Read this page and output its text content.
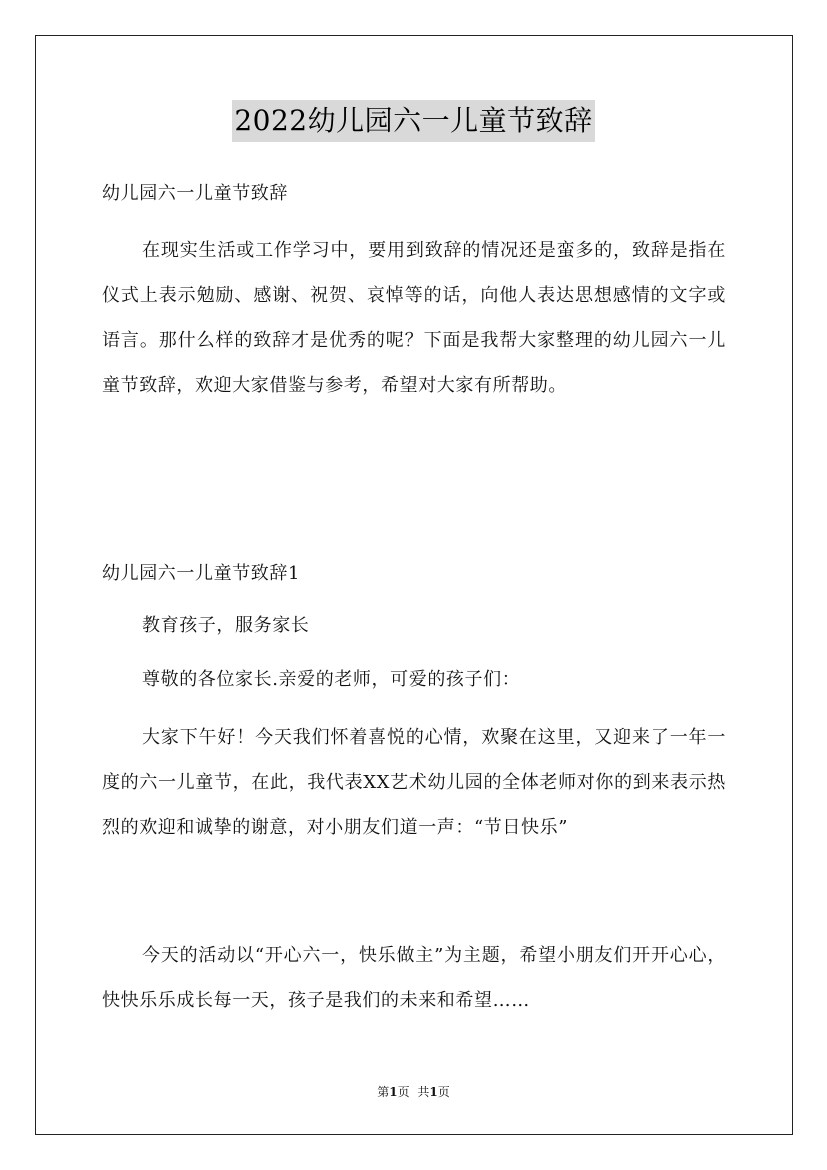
2022幼儿园六一儿童节致辞
幼儿园六一儿童节致辞

在现实生活或工作学习中，要用到致辞的情况还是蛮多的，致辞是指在仪式上表示勉励、感谢、祝贺、哀悼等的话，向他人表达思想感情的文字或语言。那什么样的致辞才是优秀的呢？下面是我帮大家整理的幼儿园六一儿童节致辞，欢迎大家借鉴与参考，希望对大家有所帮助。

幼儿园六一儿童节致辞1
教育孩子，服务家长
尊敬的各位家长.亲爱的老师，可爱的孩子们：

大家下午好！今天我们怀着喜悦的心情，欢聚在这里，又迎来了一年一度的六一儿童节，在此，我代表XX艺术幼儿园的全体老师对你的到来表示热烈的欢迎和诚挚的谢意，对小朋友们道一声：“节日快乐”

今天的活动以“开心六一，快乐做主”为主题，希望小朋友们开开心心，快快乐乐成长每一天，孩子是我们的未来和希望……

第1页 共1页
